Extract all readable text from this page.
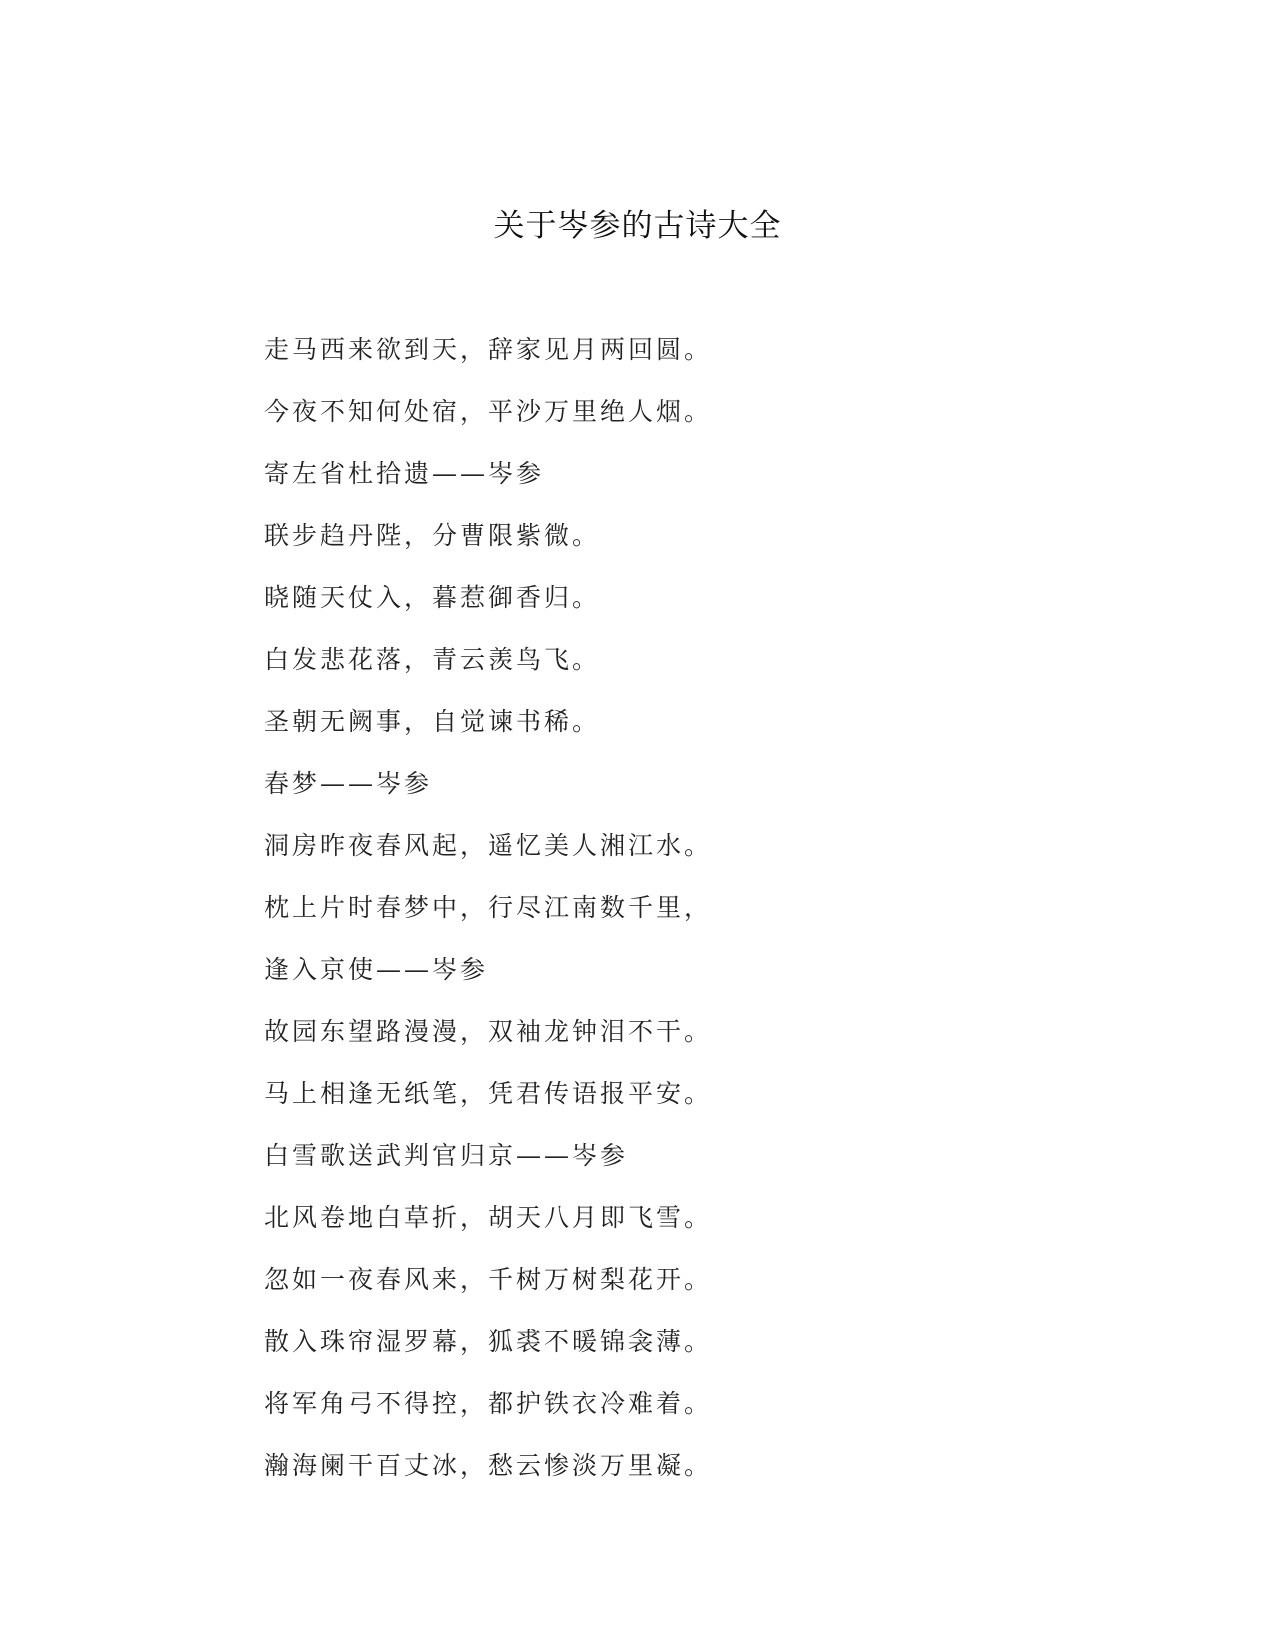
关于岑参的古诗大全
走马西来欲到天，辞家见月两回圆。
今夜不知何处宿，平沙万里绝人烟。
寄左省杜拾遗——岑参
联步趋丹陛，分曹限紫微。
晓随天仗入，暮惹御香归。
白发悲花落，青云羡鸟飞。
圣朝无阙事，自觉谏书稀。
春梦——岑参
洞房昨夜春风起，遥忆美人湘江水。
枕上片时春梦中，行尽江南数千里，
逢入京使——岑参
故园东望路漫漫，双袖龙钟泪不干。
马上相逢无纸笔，凭君传语报平安。
白雪歌送武判官归京——岑参
北风卷地白草折，胡天八月即飞雪。
忽如一夜春风来，千树万树梨花开。
散入珠帘湿罗幕，狐裘不暖锦衾薄。
将军角弓不得控，都护铁衣冷难着。
瀚海阑干百丈冰，愁云惨淡万里凝。
